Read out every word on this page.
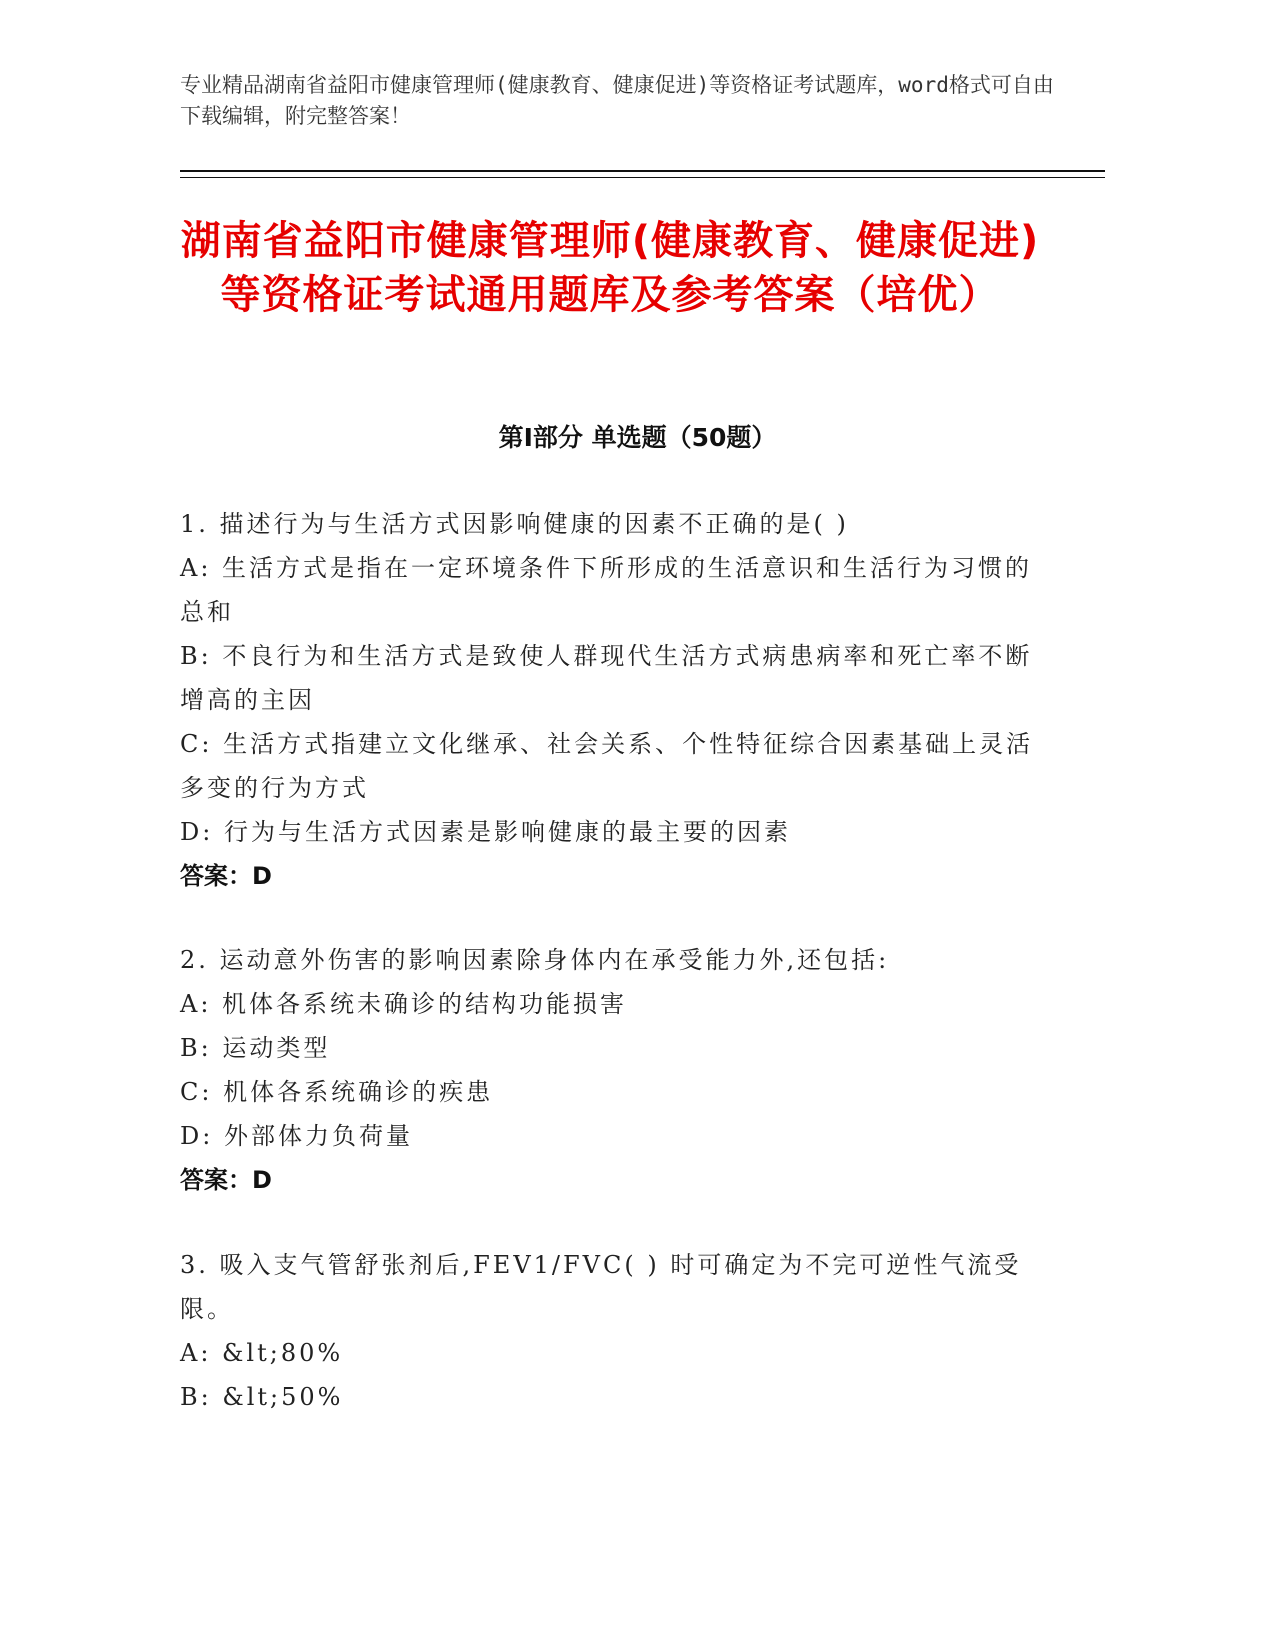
专业精品湖南省益阳市健康管理师(健康教育、健康促进)等资格证考试题库，word格式可自由下载编辑，附完整答案！
湖南省益阳市健康管理师(健康教育、健康促进)等资格证考试通用题库及参考答案（培优）
第Ⅰ部分 单选题（50题）
1. 描述行为与生活方式因影响健康的因素不正确的是( )
A: 生活方式是指在一定环境条件下所形成的生活意识和生活行为习惯的总和
B: 不良行为和生活方式是致使人群现代生活方式病患病率和死亡率不断增高的主因
C: 生活方式指建立文化继承、社会关系、个性特征综合因素基础上灵活多变的行为方式
D: 行为与生活方式因素是影响健康的最主要的因素
答案：D
2. 运动意外伤害的影响因素除身体内在承受能力外,还包括:
A: 机体各系统未确诊的结构功能损害
B: 运动类型
C: 机体各系统确诊的疾患
D: 外部体力负荷量
答案：D
3. 吸入支气管舒张剂后,FEV1/FVC( ) 时可确定为不完可逆性气流受限。
A: &lt;80%
B: &lt;50%
